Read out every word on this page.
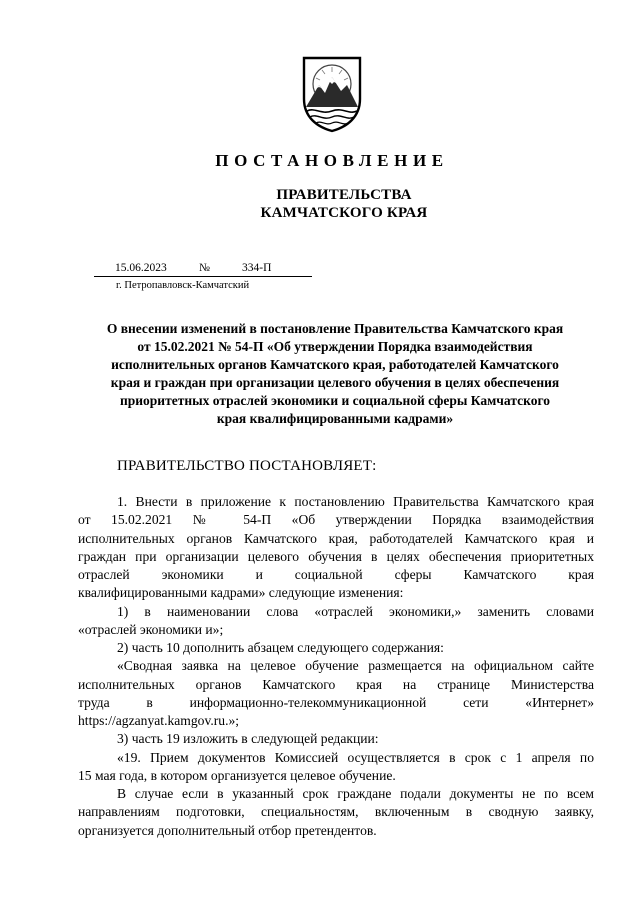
ПОСТАНОВЛЕНИЕ
ПРАВИТЕЛЬСТВА
КАМЧАТСКОГО КРАЯ
15.06.2023	№	334-П
г. Петропавловск-Камчатский
О внесении изменений в постановление Правительства Камчатского края
от 15.02.2021 № 54-П «Об утверждении Порядка взаимодействия
исполнительных органов Камчатского края, работодателей Камчатского
края и граждан при организации целевого обучения в целях обеспечения
приоритетных отраслей экономики и социальной сферы Камчатского
края квалифицированными кадрами»
ПРАВИТЕЛЬСТВО ПОСТАНОВЛЯЕТ:
1. Внести в приложение к постановлению Правительства Камчатского края
от 15.02.2021 № 54-П «Об утверждении Порядка взаимодействия
исполнительных органов Камчатского края, работодателей Камчатского края и
граждан при организации целевого обучения в целях обеспечения приоритетных
отраслей экономики и социальной сферы Камчатского края
квалифицированными кадрами» следующие изменения:
1) в наименовании слова «отраслей экономики,» заменить словами
«отраслей экономики и»;
2) часть 10 дополнить абзацем следующего содержания:
«Сводная заявка на целевое обучение размещается на официальном сайте
исполнительных органов Камчатского края на странице Министерства
труда в информационно-телекоммуникационной сети «Интернет»
https://agzanyat.kamgov.ru.»;
3) часть 19 изложить в следующей редакции:
«19. Прием документов Комиссией осуществляется в срок с 1 апреля по
15 мая года, в котором организуется целевое обучение.
В случае если в указанный срок граждане подали документы не по всем
направлениям подготовки, специальностям, включенным в сводную заявку,
организуется дополнительный отбор претендентов.
